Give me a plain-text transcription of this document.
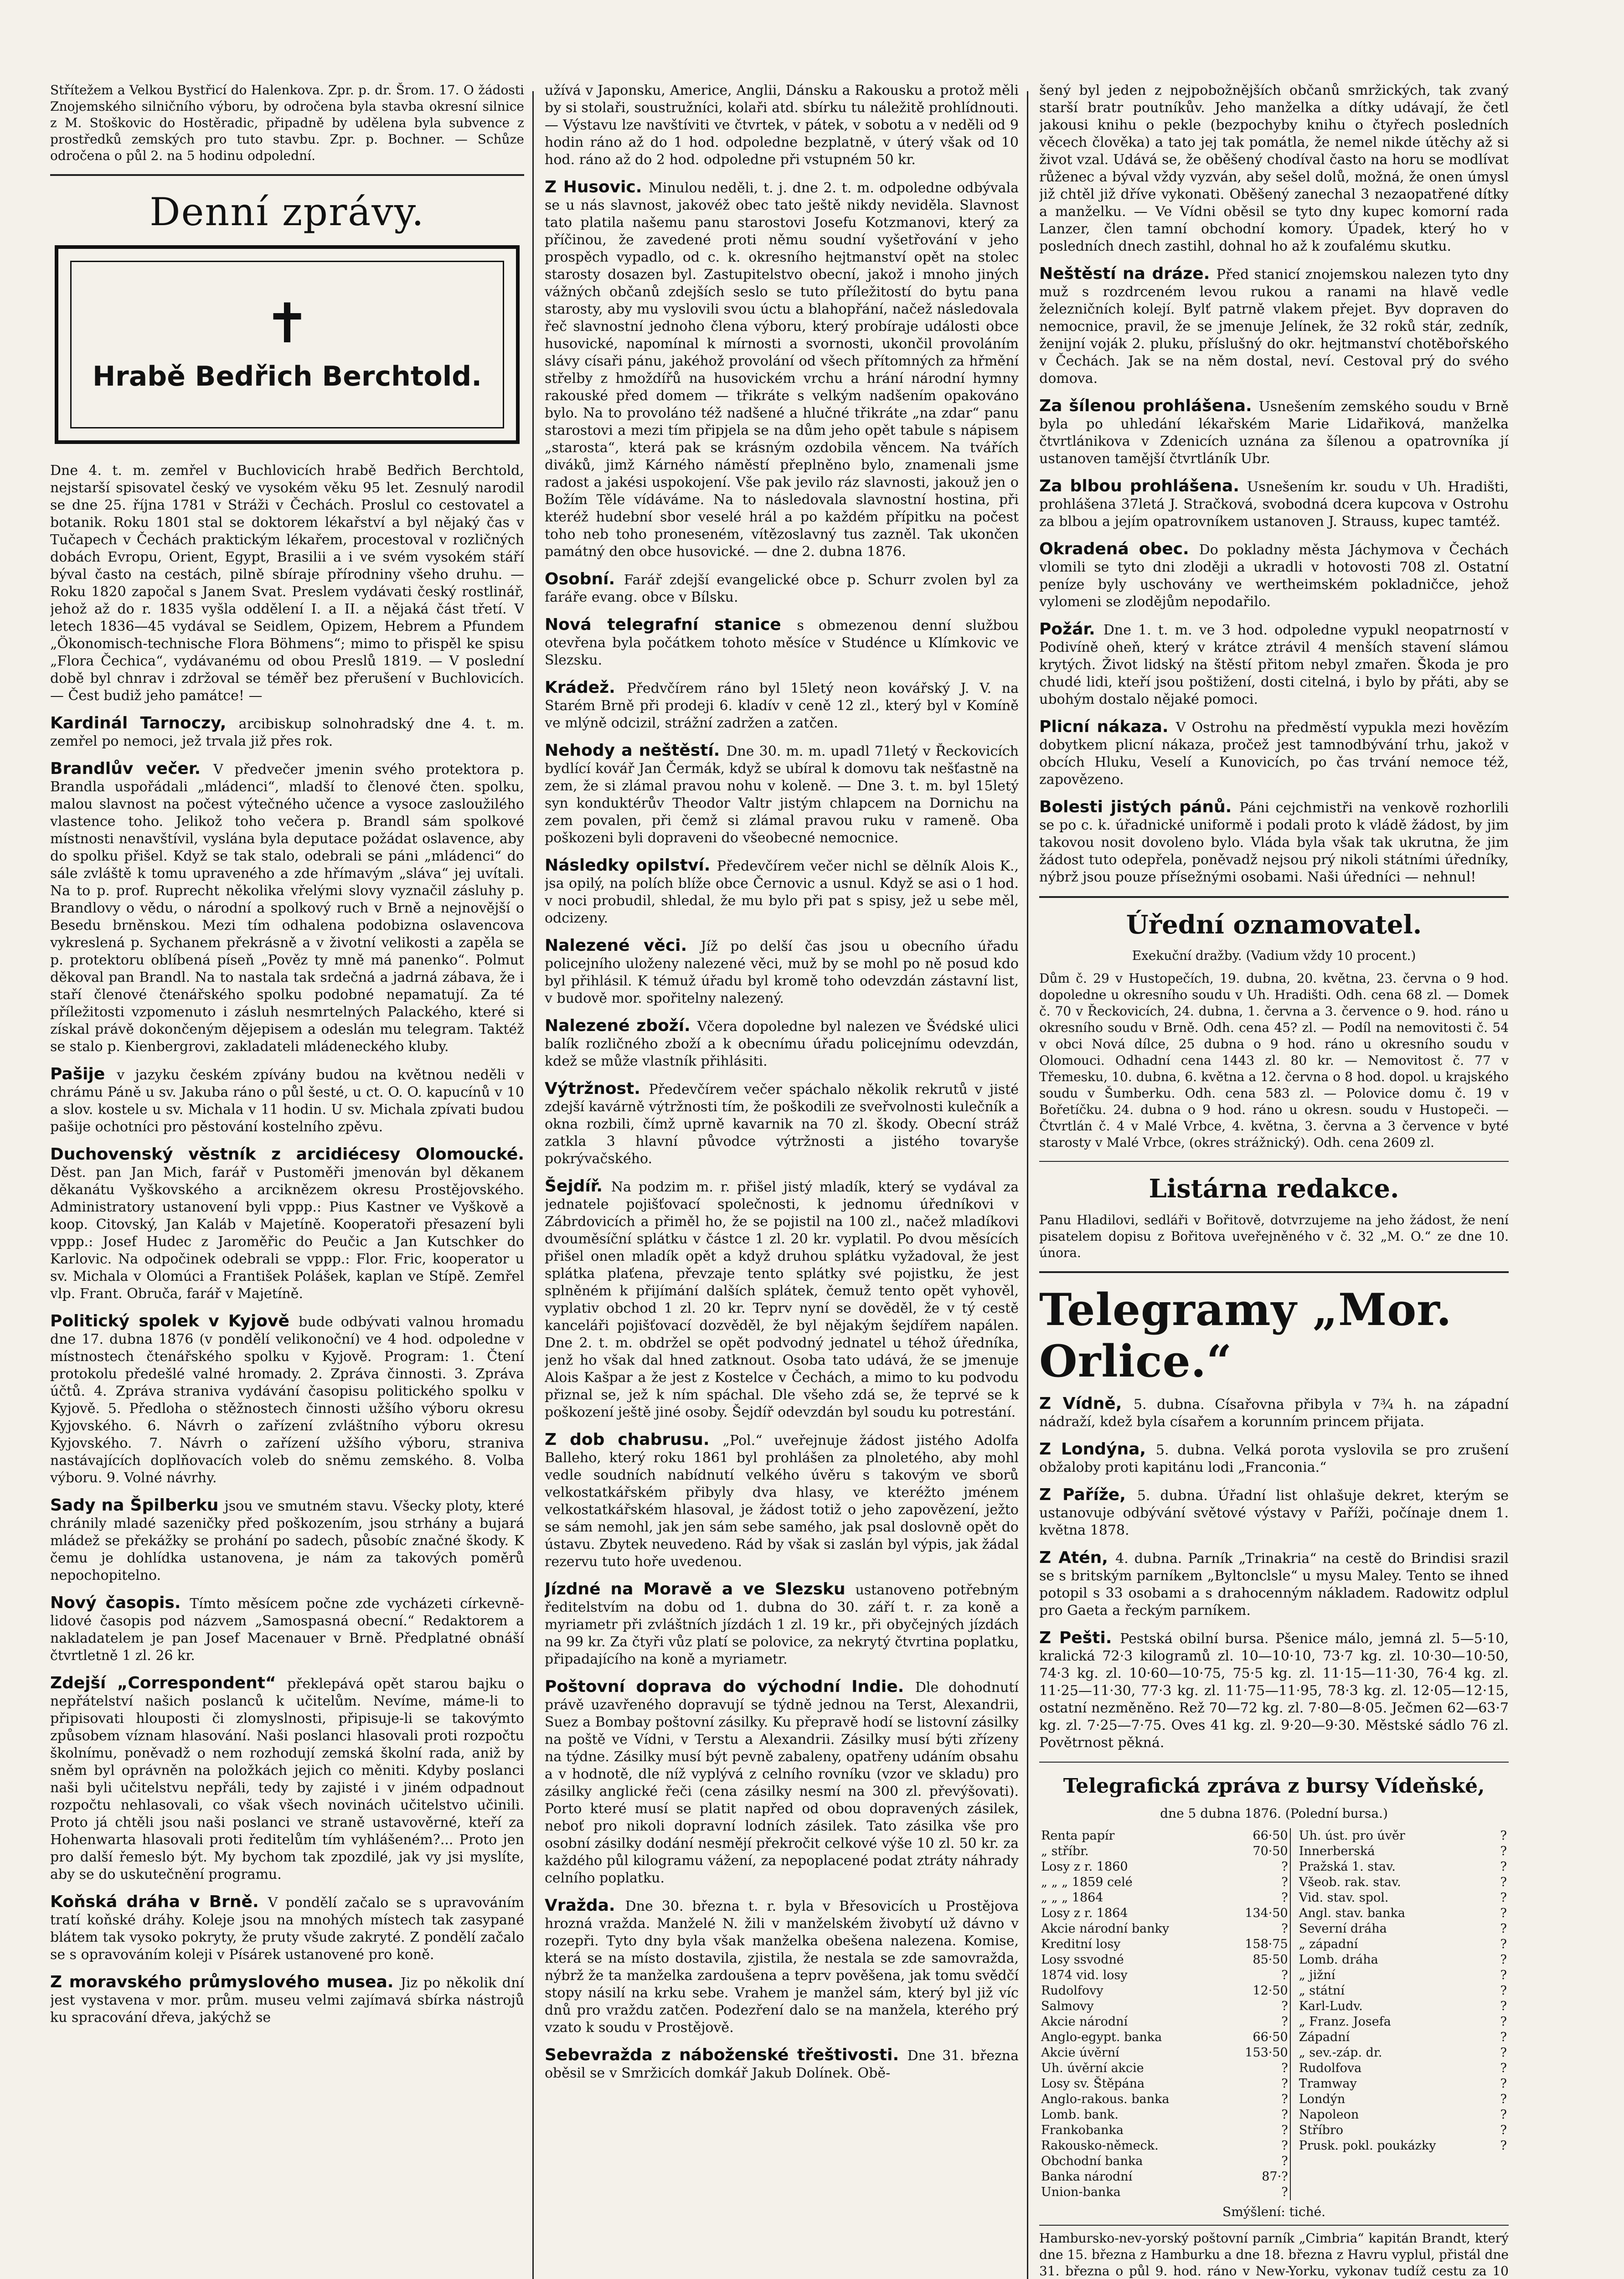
Střítežem a Velkou Bystřicí do Halenkova. Zpr. p. dr. Šrom. 17. O žádosti Znojemského silničního výboru, by odročena byla stavba okresní silnice z M. Stoškovic do Hostěradic, připadně by udělena byla subvence z prostředků zemských pro tuto stavbu. Zpr. p. Bochner. — Schůze odročena o půl 2. na 5 hodinu odpolední.

Denní zprávy.
✝
Hrabě Bedřich Berchtold.

Dne 4. t. m. zemřel v Buchlovicích hrabě Bedřich Berchtold, nejstarší spisovatel český ve vysokém věku 95 let. Zesnulý narodil se dne 25. října 1781 v Stráži v Čechách. Proslul co cestovatel a botanik. Roku 1801 stal se doktorem lékařství a byl nějaký čas v Tučapech v Čechách praktickým lékařem, procestoval v rozličných dobách Evropu, Orient, Egypt, Brasilii a i ve svém vysokém stáří býval často na cestách, pilně sbíraje přírodniny všeho druhu. — Roku 1820 započal s Janem Svat. Preslem vydávati český rostlinář, jehož až do r. 1835 vyšla oddělení I. a II. a nějaká část třetí. V letech 1836—45 vydával se Seidlem, Opizem, Hebrem a Pfundem „Ökonomisch-technische Flora Böhmens“; mimo to přispěl ke spisu „Flora Čechica“, vydávanému od obou Preslů 1819. — V poslední době byl chnrav i zdržoval se téměř bez přerušení v Buchlovicích. — Čest budiž jeho památce! —

Kardinál Tarnoczy, arcibiskup solnohradský dne 4. t. m. zemřel po nemoci, jež trvala již přes rok.

Brandlův večer. V předvečer jmenin svého protektora p. Brandla uspořádali „mládenci“, mladší to členové čten. spolku, malou slavnost na počest výtečného učence a vysoce zasloužilého vlastence toho. Jelikož toho večera p. Brandl sám spolkové místnosti nenavštívil, vyslána byla deputace požádat oslavence, aby do spolku přišel. Když se tak stalo, odebrali se páni „mládenci“ do sále zvláště k tomu upraveného a zde hřímavým „sláva“ jej uvítali. Na to p. prof. Ruprecht několika vřelými slovy vyznačil zásluhy p. Brandlovy o vědu, o národní a spolkový ruch v Brně a nejnovější o Besedu brněnskou. Mezi tím odhalena podobizna oslavencova vykreslená p. Sychanem překrásně a v životní velikosti a zapěla se p. protektoru oblíbená píseň „Pověz ty mně má panenko“. Polmut děkoval pan Brandl. Na to nastala tak srdečná a jadrná zábava, že i staří členové čtenářského spolku podobné nepamatují. Za té příležitosti vzpomenuto i zásluh nesmrtelných Palackého, které si získal právě dokončeným dějepisem a odeslán mu telegram. Taktéž se stalo p. Kienbergrovi, zakladateli mládeneckého kluby.

Pašije v jazyku českém zpívány budou na květnou neděli v chrámu Páně u sv. Jakuba ráno o půl šesté, u ct. O. O. kapucínů v 10 a slov. kostele u sv. Michala v 11 hodin. U sv. Michala zpívati budou pašije ochotníci pro pěstování kostelního zpěvu.

Duchovenský věstník z arcidiécesy Olomoucké. Děst. pan Jan Mich, farář v Pustoměři jmenován byl děkanem děkanátu Vyškovského a arciknězem okresu Prostějovského. Administratory ustanovení byli vppp.: Pius Kastner ve Vyškově a koop. Citovský, Jan Kaláb v Majetíně. Kooperatoři přesazení byli vppp.: Josef Hudec z Jaroměřic do Peučic a Jan Kutschker do Karlovic. Na odpočinek odebrali se vppp.: Flor. Fric, kooperator u sv. Michala v Olomúci a František Polášek, kaplan ve Stípě. Zemřel vlp. Frant. Obruča, farář v Majetíně.

Politický spolek v Kyjově bude odbývati valnou hromadu dne 17. dubna 1876 (v pondělí velikonoční) ve 4 hod. odpoledne v místnostech čtenářského spolku v Kyjově. Program: 1. Čtení protokolu předešlé valné hromady. 2. Zpráva činnosti. 3. Zpráva účtů. 4. Zpráva straniva vydávání časopisu politického spolku v Kyjově. 5. Předloha o stěžnostech činnosti užšího výboru okresu Kyjovského. 6. Návrh o zařízení zvláštního výboru okresu Kyjovského. 7. Návrh o zařízení užšího výboru, straniva nastávajících doplňovacích voleb do sněmu zemského. 8. Volba výboru. 9. Volné návrhy.

Sady na Špilberku jsou ve smutném stavu. Všecky ploty, které chránily mladé sazeničky před poškozením, jsou strhány a bujará mládež se překážky se prohání po sadech, působíc značné škody. K čemu je dohlídka ustanovena, je nám za takových poměrů nepochopitelno.

Nový časopis. Tímto měsícem počne zde vycházeti církevně-lidové časopis pod názvem „Samospasná obecní.“ Redaktorem a nakladatelem je pan Josef Macenauer v Brně. Předplatné obnáší čtvrtletně 1 zl. 26 kr.

Zdejší „Correspondent“ překlepává opět starou bajku o nepřátelství našich poslanců k učitelům. Nevíme, máme-li to připisovati hlouposti či zlomyslnosti, připisuje-li se takovýmto způsobem víznam hlasování. Naši poslanci hlasovali proti rozpočtu školnímu, poněvadž o nem rozhodují zemská školní rada, aniž by sněm byl oprávněn na položkách jejich co měniti. Kdyby poslanci naši byli učitelstvu nepřáli, tedy by zajisté i v jiném odpadnout rozpočtu nehlasovali, co však všech novinách učitelstvo učinili. Proto já chtěli jsou naši poslanci ve straně ustavověrné, kteří za Hohenwarta hlasovali proti ředitelům tím vyhlášeném?... Proto jen pro další řemeslo být. My bychom tak zpozdilé, jak vy jsi myslíte, aby se do uskutečnění programu.

Koňská dráha v Brně. V pondělí začalo se s upravováním tratí koňské dráhy. Koleje jsou na mnohých místech tak zasypané blátem tak vysoko pokryty, že pruty všude zakryté. Z pondělí začalo se s opravováním koleji v Písárek ustanovené pro koně.

Z moravského průmyslového musea. Jiz po několik dní jest vystavena v mor. prům. museu velmi zajímavá sbírka nástrojů ku spracování dřeva, jakýchž se

užívá v Japonsku, Americe, Anglii, Dánsku a Rakousku a protož měli by si stolaři, soustružníci, kolaři atd. sbírku tu náležitě prohlídnouti. — Výstavu lze navštíviti ve čtvrtek, v pátek, v sobotu a v neděli od 9 hodin ráno až do 1 hod. odpoledne bezplatně, v úterý však od 10 hod. ráno až do 2 hod. odpoledne při vstupném 50 kr.

Z Husovic. Minulou neděli, t. j. dne 2. t. m. odpoledne odbývala se u nás slavnost, jakovéž obec tato ještě nikdy neviděla. Slavnost tato platila našemu panu starostovi Josefu Kotzmanovi, který za příčinou, že zavedené proti němu soudní vyšetřování v jeho prospěch vypadlo, od c. k. okresního hejtmanství opět na stolec starosty dosazen byl. Zastupitelstvo obecní, jakož i mnoho jiných vážných občanů zdejších seslo se tuto příležitostí do bytu pana starosty, aby mu vyslovili svou úctu a blahopřání, načež následovala řeč slavnostní jednoho člena výboru, který probíraje události obce husovické, napomínal k mírnosti a svornosti, ukončil provoláním slávy císaři pánu, jakéhož provolání od všech přítomných za hřmění střelby z hmoždířů na husovickém vrchu a hrání národní hymny rakouské před domem — třikráte s velkým nadšením opakováno bylo. Na to provoláno též nadšené a hlučné třikráte „na zdar“ panu starostovi a mezi tím připjela se na dům jeho opět tabule s nápisem „starosta“, která pak se krásným ozdobila věncem. Na tvářích diváků, jimž Kárného náměstí přeplněno bylo, znamenali jsme radost a jakési uspokojení. Vše pak jevilo ráz slavnosti, jakouž jen o Božím Těle vídáváme. Na to následovala slavnostní hostina, při kteréž hudební sbor veselé hrál a po každém přípitku na počest toho neb toho proneseném, vítězoslavný tus zazněl. Tak ukončen památný den obce husovické. — dne 2. dubna 1876.

Osobní. Farář zdejší evangelické obce p. Schurr zvolen byl za faráře evang. obce v Bílsku.

Nová telegrafní stanice s obmezenou denní službou otevřena byla počátkem tohoto měsíce v Studénce u Klímkovic ve Slezsku.

Krádež. Předvčírem ráno byl 15letý neon kovářský J. V. na Starém Brně při prodeji 6. kladív v ceně 12 zl., který byl v Komíně ve mlýně odcizil, strážní zadržen a zatčen.

Nehody a neštěstí. Dne 30. m. m. upadl 71letý v Řeckovicích bydlící kovář Jan Čermák, když se ubíral k domovu tak nešťastně na zem, že si zlámal pravou nohu v koleně. — Dne 3. t. m. byl 15letý syn konduktérův Theodor Valtr jistým chlapcem na Dornichu na zem povalen, při čemž si zlámal pravou ruku v rameně. Oba poškozeni byli dopraveni do všeobecné nemocnice.

Následky opilství. Předevčírem večer nichl se dělník Alois K., jsa opilý, na polích blíže obce Černovic a usnul. Když se asi o 1 hod. v noci probudil, shledal, že mu bylo při pat s spisy, jež u sebe měl, odcizeny.

Nalezené věci. Jíž po delší čas jsou u obecního úřadu policejního uloženy nalezené věci, muž by se mohl po ně posud kdo byl přihlásil. K témuž úřadu byl kromě toho odevzdán zástavní list, v budově mor. spořitelny nalezený.

Nalezené zboží. Včera dopoledne byl nalezen ve Švédské ulici balík rozličného zboží a k obecnímu úřadu policejnímu odevzdán, kdež se může vlastník přihlásiti.

Výtržnost. Předevčírem večer spáchalo několik rekrutů v jisté zdejší kavárně výtržnosti tím, že poškodili ze sveřvolnosti kulečník a okna rozbili, čímž uprně kavarnik na 70 zl. škody. Obecní stráž zatkla 3 hlavní původce výtržnosti a jistého tovaryše pokrývačského.

Šejdíř. Na podzim m. r. přišel jistý mladík, který se vydával za jednatele pojišťovací společnosti, k jednomu úředníkovi v Zábrdovicích a přiměl ho, že se pojistil na 100 zl., načež mladíkovi dvouměsíční splátku v částce 1 zl. 20 kr. vyplatil. Po dvou měsících přišel onen mladík opět a když druhou splátku vyžadoval, že jest splátka plaťena, převzaje tento splátky své pojistku, že jest splněném k přijímání dalších splátek, čemuž tento opět vyhověl, vyplativ obchod 1 zl. 20 kr. Teprv nyní se dověděl, že v tý cestě kanceláři pojišťovací dozvěděl, že byl nějakým šejdířem napálen. Dne 2. t. m. obdržel se opět podvodný jednatel u téhož úředníka, jenž ho však dal hned zatknout. Osoba tato udává, že se jmenuje Alois Kašpar a že jest z Kostelce v Čechách, a mimo to ku podvodu přiznal se, jež k ním spáchal. Dle všeho zdá se, že teprvé se k poškození ještě jiné osoby. Šejdíř odevzdán byl soudu ku potrestání.

Z dob chabrusu. „Pol.“ uveřejnuje žádost jistého Adolfa Balleho, který roku 1861 byl prohlášen za plnoletého, aby mohl vedle soudních nabídnutí velkého úvěru s takovým ve sborů velkostatkářském přibyly dva hlasy, ve kteréžto jménem velkostatkářském hlasoval, je žádost totiž o jeho zapovězení, ježto se sám nemohl, jak jen sám sebe samého, jak psal doslovně opět do ústavu. Zbytek neuvedeno. Rád by však si zaslán byl výpis, jak žádal rezervu tuto hoře uvedenou.

Jízdné na Moravě a ve Slezsku ustanoveno potřebným ředitelstvím na dobu od 1. dubna do 30. září t. r. za koně a myriametr při zvláštních jízdách 1 zl. 19 kr., při obyčejných jízdách na 99 kr. Za čtyři vůz platí se polovice, za nekrytý čtvrtina poplatku, připadajícího na koně a myriametr.

Poštovní doprava do východní Indie. Dle dohodnutí právě uzavřeného dopravují se týdně jednou na Terst, Alexandrii, Suez a Bombay poštovní zásilky. Ku přepravě hodí se listovní zásilky na poště ve Vídni, v Terstu a Alexandrii. Zásilky musí býti zřízeny na týdne. Zásilky musí být pevně zabaleny, opatřeny udáním obsahu a v hodnotě, dle níž vyplývá z celního rovníku (vzor ve skladu) pro zásilky anglické řeči (cena zásilky nesmí na 300 zl. převýšovati). Porto které musí se platit napřed od obou dopravených zásilek, neboť pro nikoli dopravní lodních zásilek. Tato zásilka vše pro osobní zásilky dodání nesmějí překročit celkové výše 10 zl. 50 kr. za každého půl kilogramu vážení, za nepoplacené podat ztráty náhrady celního poplatku.

Vražda. Dne 30. března t. r. byla v Břesovicích u Prostějova hrozná vražda. Manželé N. žili v manželském živobytí už dávno v rozepři. Tyto dny byla však manželka obešena nalezena. Komise, která se na místo dostavila, zjistila, že nestala se zde samovražda, nýbrž že ta manželka zardoušena a teprv pověšena, jak tomu svědčí stopy násilí na krku sebe. Vrahem je manžel sám, který byl již víc dnů pro vraždu zatčen. Podezření dalo se na manžela, kterého prý vzato k soudu v Prostějově.

Sebevražda z náboženské třeštivosti. Dne 31. března oběsil se v Smržicích domkář Jakub Dolínek. Obě-

šený byl jeden z nejpobožnějších občanů smržických, tak zvaný starší bratr poutníkův. Jeho manželka a dítky udávají, že četl jakousi knihu o pekle (bezpochyby knihu o čtyřech posledních věcech člověka) a tato jej tak pomátla, že nemel nikde útěchy až si život vzal. Udává se, že oběšený chodíval často na horu se modlívat růženec a býval vždy vyzván, aby sešel dolů, možná, že onen úmysl již chtěl již dříve vykonati. Oběšený zanechal 3 nezaopatřené dítky a manželku. — Ve Vídni oběsil se tyto dny kupec komorní rada Lanzer, člen tamní obchodní komory. Úpadek, který ho v posledních dnech zastihl, dohnal ho až k zoufalému skutku.

Neštěstí na dráze. Před stanicí znojemskou nalezen tyto dny muž s rozdrceném levou rukou a ranami na hlavě vedle železničních kolejí. Bylť patrně vlakem přejet. Byv dopraven do nemocnice, pravil, že se jmenuje Jelínek, že 32 roků stár, zedník, ženijní voják 2. pluku, příslušný do okr. hejtmanství chotěbořského v Čechách. Jak se na něm dostal, neví. Cestoval prý do svého domova.

Za šílenou prohlášena. Usnešením zemského soudu v Brně byla po uhledání lékařském Marie Lidařiková, manželka čtvrtlánikova v Zdenicích uznána za šílenou a opatrovníka jí ustanoven tamější čtvrtláník Ubr.

Za blbou prohlášena. Usnešením kr. soudu v Uh. Hradišti, prohlášena 37letá J. Stračková, svobodná dcera kupcova v Ostrohu za blbou a jejím opatrovníkem ustanoven J. Strauss, kupec tamtéž.

Okradená obec. Do pokladny města Jáchymova v Čechách vlomili se tyto dni zloději a ukradli v hotovosti 708 zl. Ostatní peníze byly uschovány ve wertheimském pokladničce, jehož vylomeni se zlodějům nepodařilo.

Požár. Dne 1. t. m. ve 3 hod. odpoledne vypukl neopatrností v Podivíně oheň, který v krátce ztrávil 4 menších stavení slámou krytých. Život lidský na štěstí přitom nebyl zmařen. Škoda je pro chudé lidi, kteří jsou poštižení, dosti citelná, i bylo by přáti, aby se ubohým dostalo nějaké pomoci.

Plicní nákaza. V Ostrohu na předměstí vypukla mezi hovězím dobytkem plicní nákaza, pročež jest tamnodbývání trhu, jakož v obcích Hluku, Veselí a Kunovicích, po čas trvání nemoce též, zapovězeno.

Bolesti jistých pánů. Páni cejchmistři na venkově rozhorlili se po c. k. úřadnické uniformě i podali proto k vládě žádost, by jim takovou nosit dovoleno bylo. Vláda byla však tak ukrutna, že jim žádost tuto odepřela, poněvadž nejsou prý nikoli státními úředníky, nýbrž jsou pouze přísežnými osobami. Naši úředníci — nehnul!

Úřední oznamovatel.
Exekuční dražby. (Vadium vždy 10 procent.)

Dům č. 29 v Hustopečích, 19. dubna, 20. května, 23. června o 9 hod. dopoledne u okresního soudu v Uh. Hradišti. Odh. cena 68 zl. — Domek č. 70 v Řeckovicích, 24. dubna, 1. června a 3. července o 9. hod. ráno u okresního soudu v Brně. Odh. cena 45? zl. — Podíl na nemovitosti č. 54 v obci Nová dílce, 25 dubna o 9 hod. ráno u okresního soudu v Olomouci. Odhadní cena 1443 zl. 80 kr. — Nemovitost č. 77 v Třemesku, 10. dubna, 6. května a 12. června o 8 hod. dopol. u krajského soudu v Šumberku. Odh. cena 583 zl. — Polovice domu č. 19 v Bořetíčku. 24. dubna o 9 hod. ráno u okresn. soudu v Hustopeči. — Čtvrtlán č. 4 v Malé Vrbce, 4. května, 3. června a 3 července v byté starosty v Malé Vrbce, (okres strážnický). Odh. cena 2609 zl.

Listárna redakce.

Panu Hladilovi, sedláři v Bořitově, dotvrzujeme na jeho žádost, že není pisatelem dopisu z Bořitova uveřejněného v č. 32 „M. O.“ ze dne 10. února.

Telegramy „Mor. Orlice.“

Z Vídně, 5. dubna. Císařovna přibyla v 7¾ h. na západní nádraží, kdež byla císařem a korunním princem přijata.

Z Londýna, 5. dubna. Velká porota vyslovila se pro zrušení obžaloby proti kapitánu lodi „Franconia.“

Z Paříže, 5. dubna. Úřadní list ohlašuje dekret, kterým se ustanovuje odbývání světové výstavy v Paříži, počínaje dnem 1. května 1878.

Z Atén, 4. dubna. Parník „Trinakria“ na cestě do Brindisi srazil se s britským parníkem „Byltonclsle“ u mysu Maley. Tento se ihned potopil s 33 osobami a s drahocenným nákladem. Radowitz odplul pro Gaeta a řeckým parníkem.

Z Pešti. Pestská obilní bursa. Pšenice málo, jemná zl. 5—5·10, kralická 72·3 kilogramů zl. 10—10·10, 73·7 kg. zl. 10·30—10·50, 74·3 kg. zl. 10·60—10·75, 75·5 kg. zl. 11·15—11·30, 76·4 kg. zl. 11·25—11·30, 77·3 kg. zl. 11·75—11·95, 78·3 kg. zl. 12·05—12·15, ostatní nezměněno. Rež 70—72 kg. zl. 7·80—8·05. Ječmen 62—63·7 kg. zl. 7·25—7·75. Oves 41 kg. zl. 9·20—9·30. Městské sádlo 76 zl. Povětrnost pěkná.

Telegrafická zpráva z bursy Vídeňské,
dne 5 dubna 1876. (Polední bursa.)
Renta papír	66·50		Uh. úst. pro úvěr	?
„ stříbr.	70·50		Innerberská	?
Losy z r. 1860	?		Pražská 1. stav.	?
„ „ „ 1859 celé	?		Všeob. rak. stav.	?
„ „ „ 1864	?		Vid. stav. spol.	?
Losy z r. 1864	134·50		Angl. stav. banka	?
Akcie národní banky	?		Severní dráha	?
Kreditní losy	158·75		„ západní	?
Losy ssvodné	85·50		Lomb. dráha	?
1874 vid. losy	?		„ jižní	?
Rudolfovy	12·50		„ státní	?
Salmovy	?		Karl-Ludv.	?
Akcie národní	?		„ Franz. Josefa	?
Anglo-egypt. banka	66·50		Západní	?
Akcie úvěrní	153·50		„ sev.-záp. dr.	?
Uh. úvěrní akcie	?		Rudolfova	?
Losy sv. Štěpána	?		Tramway	?
Anglo-rakous. banka	?		Londýn	?
Lomb. bank.	?		Napoleon	?
Frankobanka	?		Stříbro	?
Rakousko-německ.	?		Prusk. pokl. poukázky	?
Obchodní banka	?			
Banka národní	87·?			
Union-banka	?			
Smýšlení: tiché.

Hambursko-nev-yorský poštovní parník „Cimbria“ kapitán Brandt, který dne 15. března z Hamburku a dne 18. března z Havru vyplul, přistál dne 31. března o půl 9. hod. ráno v New-Yorku, vykonav tudíž cestu za 10
